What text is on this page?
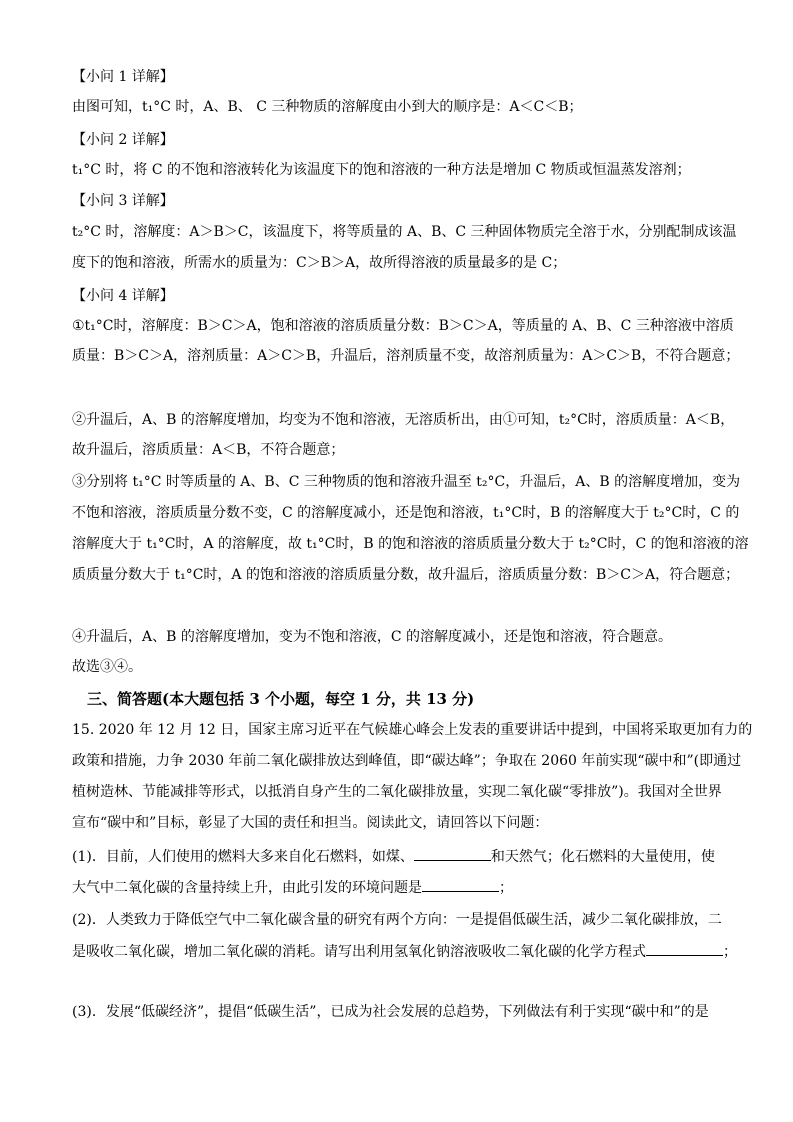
【小问 1 详解】
由图可知，t₁°C 时，A、B、 C 三种物质的溶解度由小到大的顺序是：A＜C＜B；
【小问 2 详解】
t₁°C 时，将 C 的不饱和溶液转化为该温度下的饱和溶液的一种方法是增加 C 物质或恒温蒸发溶剂；
【小问 3 详解】
t₂°C 时，溶解度：A＞B＞C，该温度下，将等质量的 A、B、C 三种固体物质完全溶于水，分别配制成该温
度下的饱和溶液，所需水的质量为：C＞B＞A，故所得溶液的质量最多的是 C；
【小问 4 详解】
①t₁°C时，溶解度：B＞C＞A，饱和溶液的溶质质量分数：B＞C＞A，等质量的 A、B、C 三种溶液中溶质
质量：B＞C＞A，溶剂质量：A＞C＞B，升温后，溶剂质量不变，故溶剂质量为：A＞C＞B，不符合题意；
②升温后，A、B 的溶解度增加，均变为不饱和溶液，无溶质析出，由①可知，t₂°C时，溶质质量：A＜B，
故升温后，溶质质量：A＜B，不符合题意；
③分别将 t₁°C 时等质量的 A、B、C 三种物质的饱和溶液升温至 t₂°C，升温后，A、B 的溶解度增加，变为
不饱和溶液，溶质质量分数不变，C 的溶解度减小，还是饱和溶液，t₁°C时，B 的溶解度大于 t₂°C时，C 的
溶解度大于 t₁°C时，A 的溶解度，故 t₁°C时，B 的饱和溶液的溶质质量分数大于 t₂°C时，C 的饱和溶液的溶
质质量分数大于 t₁°C时，A 的饱和溶液的溶质质量分数，故升温后，溶质质量分数：B＞C＞A，符合题意；
④升温后，A、B 的溶解度增加，变为不饱和溶液，C 的溶解度减小，还是饱和溶液，符合题意。
故选③④。
三、简答题(本大题包括 3 个小题，每空 1 分，共 13 分)
15. 2020 年 12 月 12 日，国家主席习近平在气候雄心峰会上发表的重要讲话中提到，中国将采取更加有力的
政策和措施，力争 2030 年前二氧化碳排放达到峰值，即“碳达峰”；争取在 2060 年前实现“碳中和”(即通过
植树造林、节能减排等形式，以抵消自身产生的二氧化碳排放量，实现二氧化碳“零排放”)。我国对全世界
宣布“碳中和”目标，彰显了大国的责任和担当。阅读此文，请回答以下问题：
(1)．目前，人们使用的燃料大多来自化石燃料，如煤、	和天然气；化石燃料的大量使用，使
大气中二氧化碳的含量持续上升，由此引发的环境问题是	；
(2)．人类致力于降低空气中二氧化碳含量的研究有两个方向：一是提倡低碳生活，减少二氧化碳排放，二
是吸收二氧化碳，增加二氧化碳的消耗。请写出利用氢氧化钠溶液吸收二氧化碳的化学方程式	；
(3)．发展“低碳经济”，提倡“低碳生活”，已成为社会发展的总趋势，下列做法有利于实现“碳中和”的是
